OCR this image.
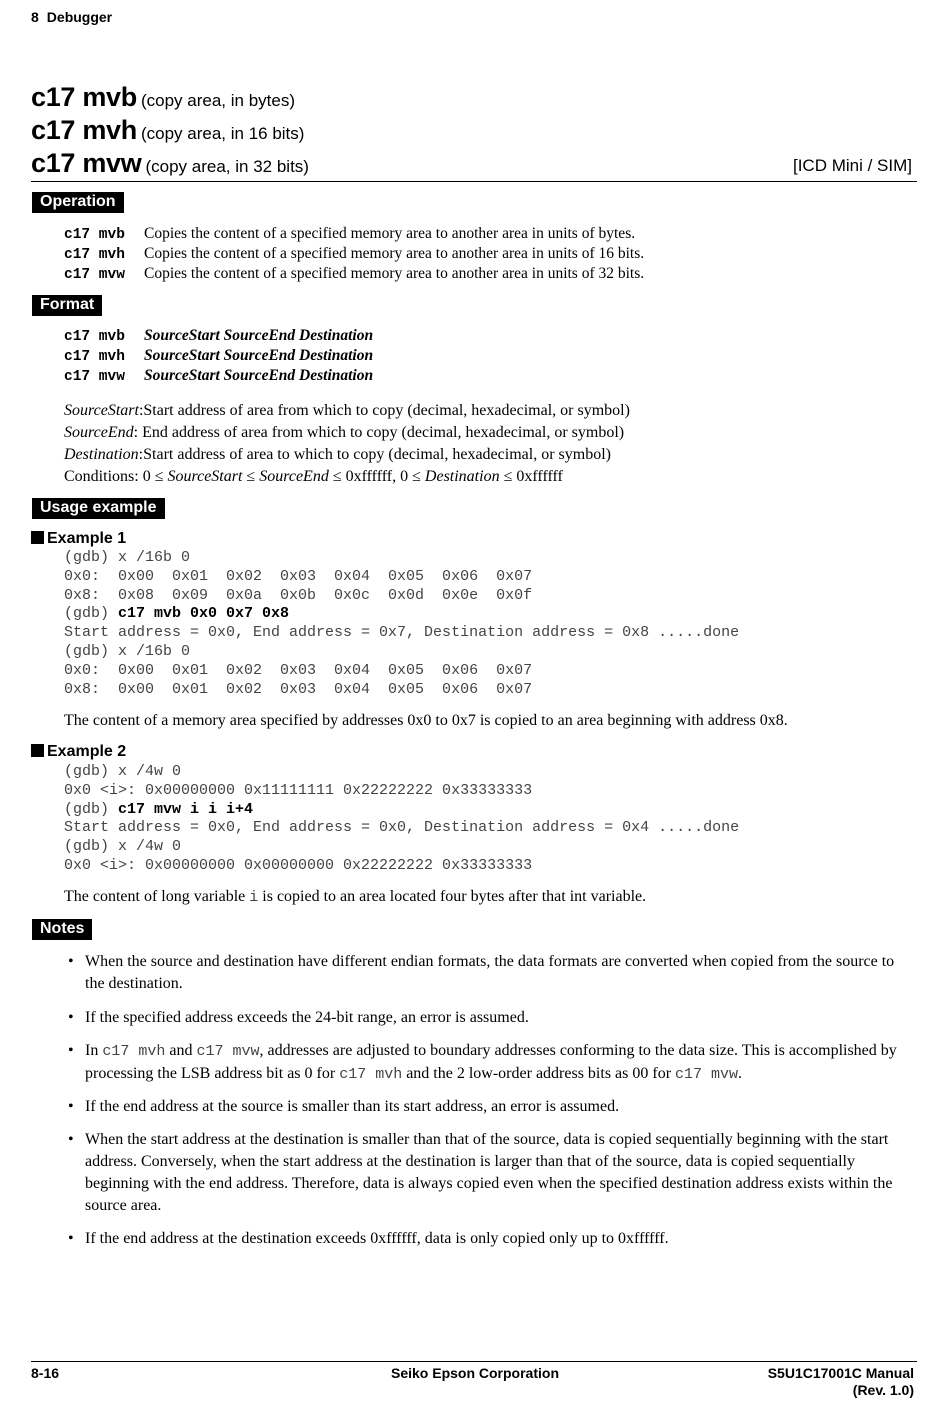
8 Debugger
c17 mvb (copy area, in bytes)
c17 mvh (copy area, in 16 bits)
c17 mvw (copy area, in 32 bits)	[ICD Mini / SIM]
Operation
c17 mvb Copies the content of a specified memory area to another area in units of bytes.
c17 mvh Copies the content of a specified memory area to another area in units of 16 bits.
c17 mvw Copies the content of a specified memory area to another area in units of 32 bits.
Format
c17 mvb SourceStart SourceEnd Destination
c17 mvh SourceStart SourceEnd Destination
c17 mvw SourceStart SourceEnd Destination
SourceStart:Start address of area from which to copy (decimal, hexadecimal, or symbol)
SourceEnd: End address of area from which to copy (decimal, hexadecimal, or symbol)
Destination:Start address of area to which to copy (decimal, hexadecimal, or symbol)
Conditions: 0 ≤ SourceStart ≤ SourceEnd ≤ 0xffffff, 0 ≤ Destination ≤ 0xffffff
Usage example
Example 1
(gdb) x /16b 0
0x0:  0x00  0x01  0x02  0x03  0x04  0x05  0x06  0x07
0x8:  0x08  0x09  0x0a  0x0b  0x0c  0x0d  0x0e  0x0f
(gdb) c17 mvb 0x0 0x7 0x8
Start address = 0x0, End address = 0x7, Destination address = 0x8 .....done
(gdb) x /16b 0
0x0:  0x00  0x01  0x02  0x03  0x04  0x05  0x06  0x07
0x8:  0x00  0x01  0x02  0x03  0x04  0x05  0x06  0x07
The content of a memory area specified by addresses 0x0 to 0x7 is copied to an area beginning with address 0x8.
Example 2
(gdb) x /4w 0
0x0 <i>: 0x00000000 0x11111111 0x22222222 0x33333333
(gdb) c17 mvw i i i+4
Start address = 0x0, End address = 0x0, Destination address = 0x4 .....done
(gdb) x /4w 0
0x0 <i>: 0x00000000 0x00000000 0x22222222 0x33333333
The content of long variable i is copied to an area located four bytes after that int variable.
Notes
• When the source and destination have different endian formats, the data formats are converted when copied from the source to the destination.
• If the specified address exceeds the 24-bit range, an error is assumed.
• In c17 mvh and c17 mvw, addresses are adjusted to boundary addresses conforming to the data size. This is accomplished by processing the LSB address bit as 0 for c17 mvh and the 2 low-order address bits as 00 for c17 mvw.
• If the end address at the source is smaller than its start address, an error is assumed.
• When the start address at the destination is smaller than that of the source, data is copied sequentially beginning with the start address. Conversely, when the start address at the destination is larger than that of the source, data is copied sequentially beginning with the end address. Therefore, data is always copied even when the specified destination address exists within the source area.
• If the end address at the destination exceeds 0xffffff, data is only copied only up to 0xffffff.
8-16	Seiko Epson Corporation	S5U1C17001C Manual
(Rev. 1.0)
